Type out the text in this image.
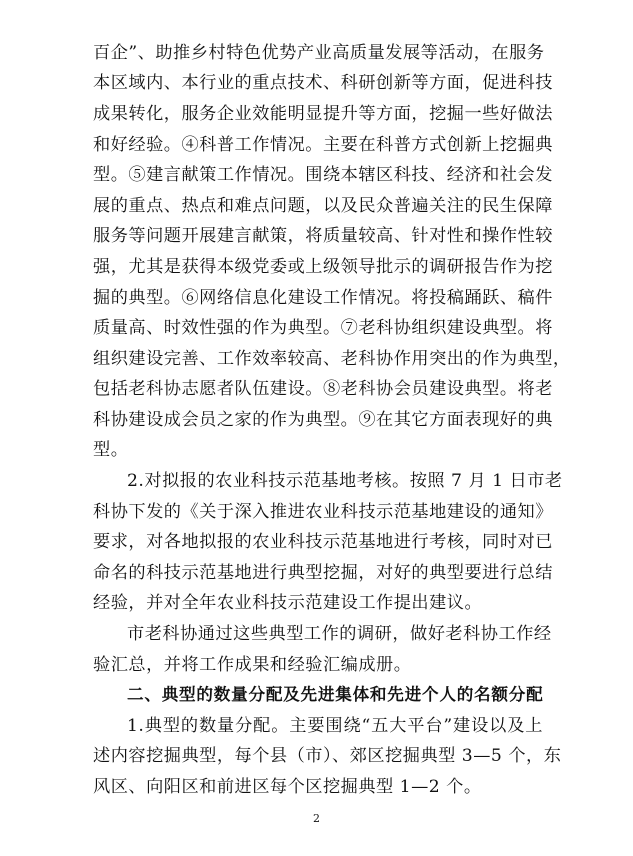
百企”、助推乡村特色优势产业高质量发展等活动，在服务
本区域内、本行业的重点技术、科研创新等方面，促进科技
成果转化，服务企业效能明显提升等方面，挖掘一些好做法
和好经验。④科普工作情况。主要在科普方式创新上挖掘典
型。⑤建言献策工作情况。围绕本辖区科技、经济和社会发
展的重点、热点和难点问题，以及民众普遍关注的民生保障
服务等问题开展建言献策，将质量较高、针对性和操作性较
强，尤其是获得本级党委或上级领导批示的调研报告作为挖
掘的典型。⑥网络信息化建设工作情况。将投稿踊跃、稿件
质量高、时效性强的作为典型。⑦老科协组织建设典型。将
组织建设完善、工作效率较高、老科协作用突出的作为典型，
包括老科协志愿者队伍建设。⑧老科协会员建设典型。将老
科协建设成会员之家的作为典型。⑨在其它方面表现好的典
型。
2.对拟报的农业科技示范基地考核。按照 7 月 1 日市老
科协下发的《关于深入推进农业科技示范基地建设的通知》
要求，对各地拟报的农业科技示范基地进行考核，同时对已
命名的科技示范基地进行典型挖掘，对好的典型要进行总结
经验，并对全年农业科技示范建设工作提出建议。
市老科协通过这些典型工作的调研，做好老科协工作经
验汇总，并将工作成果和经验汇编成册。
二、典型的数量分配及先进集体和先进个人的名额分配
1.典型的数量分配。主要围绕“五大平台”建设以及上
述内容挖掘典型，每个县（市）、郊区挖掘典型 3—5 个，东
风区、向阳区和前进区每个区挖掘典型 1—2 个。
2
